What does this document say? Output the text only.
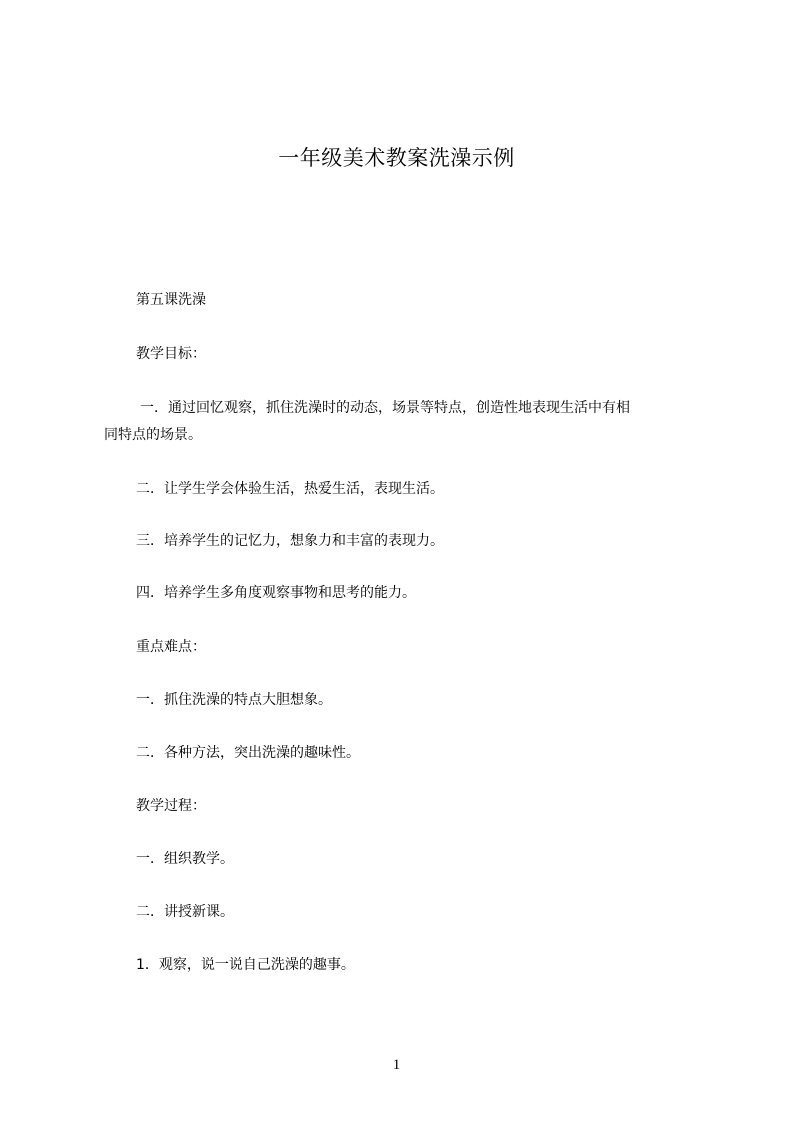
一年级美术教案洗澡示例
第五课洗澡
教学目标：
一．通过回忆观察，抓住洗澡时的动态，场景等特点，创造性地表现生活中有相
同特点的场景。
二．让学生学会体验生活，热爱生活，表现生活。
三．培养学生的记忆力，想象力和丰富的表现力。
四．培养学生多角度观察事物和思考的能力。
重点难点：
一．抓住洗澡的特点大胆想象。
二．各种方法，突出洗澡的趣味性。
教学过程：
一．组织教学。
二．讲授新课。
1．观察，说一说自己洗澡的趣事。
1
